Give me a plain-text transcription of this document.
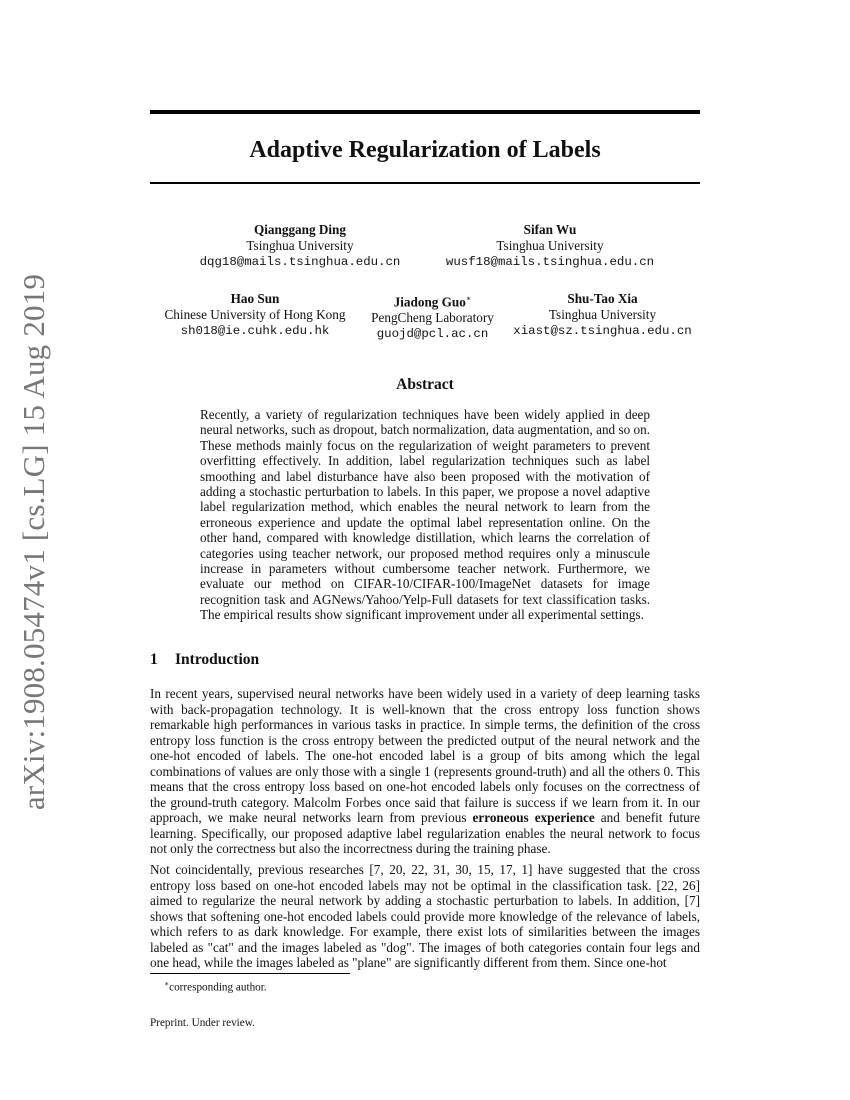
arXiv:1908.05474v1 [cs.LG] 15 Aug 2019
Adaptive Regularization of Labels
Qianggang Ding
Tsinghua University
dqg18@mails.tsinghua.edu.cn
Sifan Wu
Tsinghua University
wusf18@mails.tsinghua.edu.cn
Hao Sun
Chinese University of Hong Kong
sh018@ie.cuhk.edu.hk
Jiadong Guo∗
PengCheng Laboratory
guojd@pcl.ac.cn
Shu-Tao Xia
Tsinghua University
xiast@sz.tsinghua.edu.cn
Abstract

Recently, a variety of regularization techniques have been widely applied in deep neural networks, such as dropout, batch normalization, data augmentation, and so on. These methods mainly focus on the regularization of weight parameters to prevent overfitting effectively. In addition, label regularization techniques such as label smoothing and label disturbance have also been proposed with the motivation of adding a stochastic perturbation to labels. In this paper, we propose a novel adaptive label regularization method, which enables the neural network to learn from the erroneous experience and update the optimal label representation online. On the other hand, compared with knowledge distillation, which learns the correlation of categories using teacher network, our proposed method requires only a minuscule increase in parameters without cumbersome teacher network. Furthermore, we evaluate our method on CIFAR-10/CIFAR-100/ImageNet datasets for image recognition task and AGNews/Yahoo/Yelp-Full datasets for text classification tasks. The empirical results show significant improvement under all experimental settings.

1 Introduction

In recent years, supervised neural networks have been widely used in a variety of deep learning tasks with back-propagation technology. It is well-known that the cross entropy loss function shows remarkable high performances in various tasks in practice. In simple terms, the definition of the cross entropy loss function is the cross entropy between the predicted output of the neural network and the one-hot encoded of labels. The one-hot encoded label is a group of bits among which the legal combinations of values are only those with a single 1 (represents ground-truth) and all the others 0. This means that the cross entropy loss based on one-hot encoded labels only focuses on the correctness of the ground-truth category. Malcolm Forbes once said that failure is success if we learn from it. In our approach, we make neural networks learn from previous erroneous experience and benefit future learning. Specifically, our proposed adaptive label regularization enables the neural network to focus not only the correctness but also the incorrectness during the training phase.

Not coincidentally, previous researches [7, 20, 22, 31, 30, 15, 17, 1] have suggested that the cross entropy loss based on one-hot encoded labels may not be optimal in the classification task. [22, 26] aimed to regularize the neural network by adding a stochastic perturbation to labels. In addition, [7] shows that softening one-hot encoded labels could provide more knowledge of the relevance of labels, which refers to as dark knowledge. For example, there exist lots of similarities between the images labeled as "cat" and the images labeled as "dog". The images of both categories contain four legs and one head, while the images labeled as "plane" are significantly different from them. Since one-hot

∗corresponding author.
Preprint. Under review.
